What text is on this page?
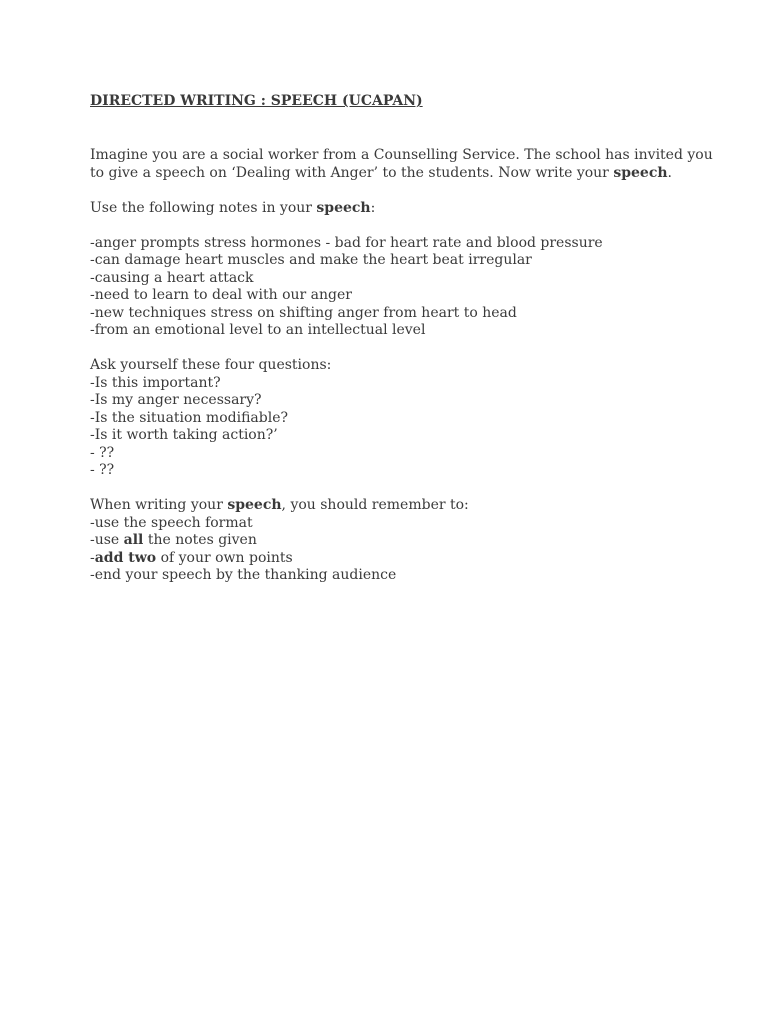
DIRECTED WRITING : SPEECH (UCAPAN)

Imagine you are a social worker from a Counselling Service. The school has invited you
to give a speech on ‘Dealing with Anger’ to the students. Now write your speech.

Use the following notes in your speech:

-anger prompts stress hormones - bad for heart rate and blood pressure
-can damage heart muscles and make the heart beat irregular
-causing a heart attack
-need to learn to deal with our anger
-new techniques stress on shifting anger from heart to head
-from an emotional level to an intellectual level
Ask yourself these four questions:
-Is this important?
-Is my anger necessary?
-Is the situation modifiable?
-Is it worth taking action?’
- ??
- ??
When writing your speech, you should remember to:
-use the speech format
-use all the notes given
-add two of your own points
-end your speech by the thanking audience
